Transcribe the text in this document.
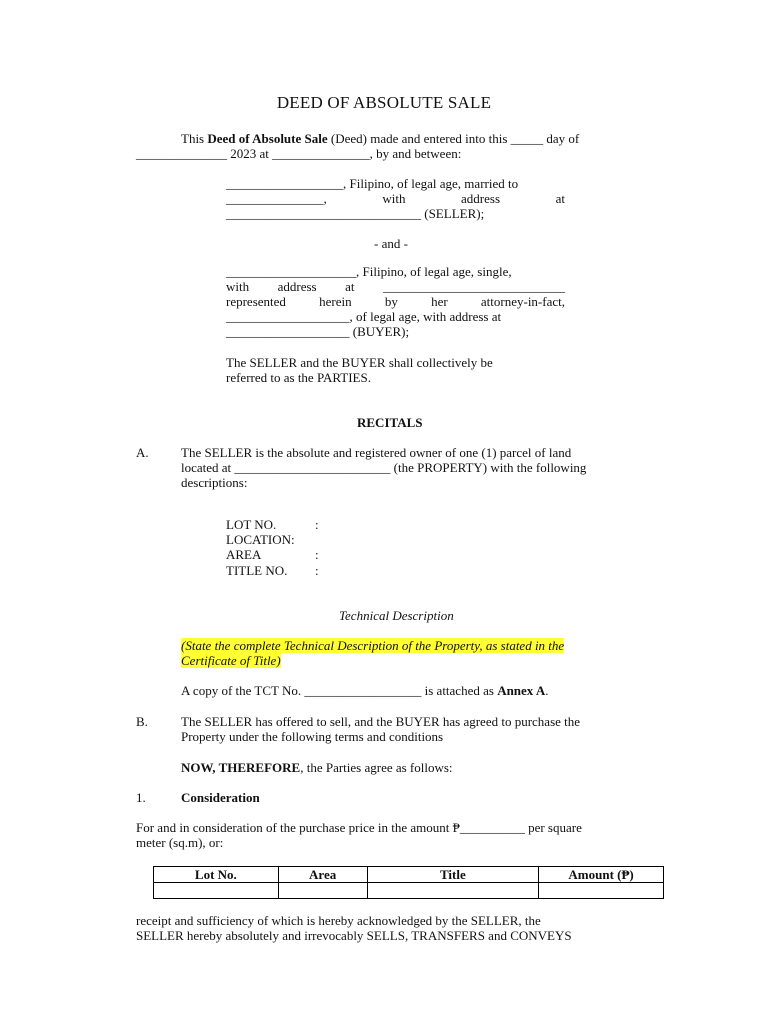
DEED OF ABSOLUTE SALE
This Deed of Absolute Sale (Deed) made and entered into this _____ day of
______________ 2023 at _______________, by and between:
__________________, Filipino, of legal age, married to
_______________,	with	address	at
______________________________ (SELLER);
- and -
____________________, Filipino, of legal age, single,
with address at ____________________________
represented	herein	by	her	attorney-in-fact,
___________________, of legal age, with address at
___________________ (BUYER);
The SELLER and the BUYER shall collectively be
referred to as the PARTIES.
RECITALS
A. The SELLER is the absolute and registered owner of one (1) parcel of land
located at ________________________ (the PROPERTY) with the following
descriptions:
LOT NO.	:
LOCATION:
AREA	:
TITLE NO. :
Technical Description
(State the complete Technical Description of the Property, as stated in the
Certificate of Title)
A copy of the TCT No. __________________ is attached as Annex A.
B.	The SELLER has offered to sell, and the BUYER has agreed to purchase the
Property under the following terms and conditions
NOW, THEREFORE, the Parties agree as follows:
1.	Consideration
For and in consideration of the purchase price in the amount ₱__________ per square
meter (sq.m), or:
Lot No.	Area	Title	Amount (₱)

receipt and sufficiency of which is hereby acknowledged by the SELLER, the
SELLER hereby absolutely and irrevocably SELLS, TRANSFERS and CONVEYS
